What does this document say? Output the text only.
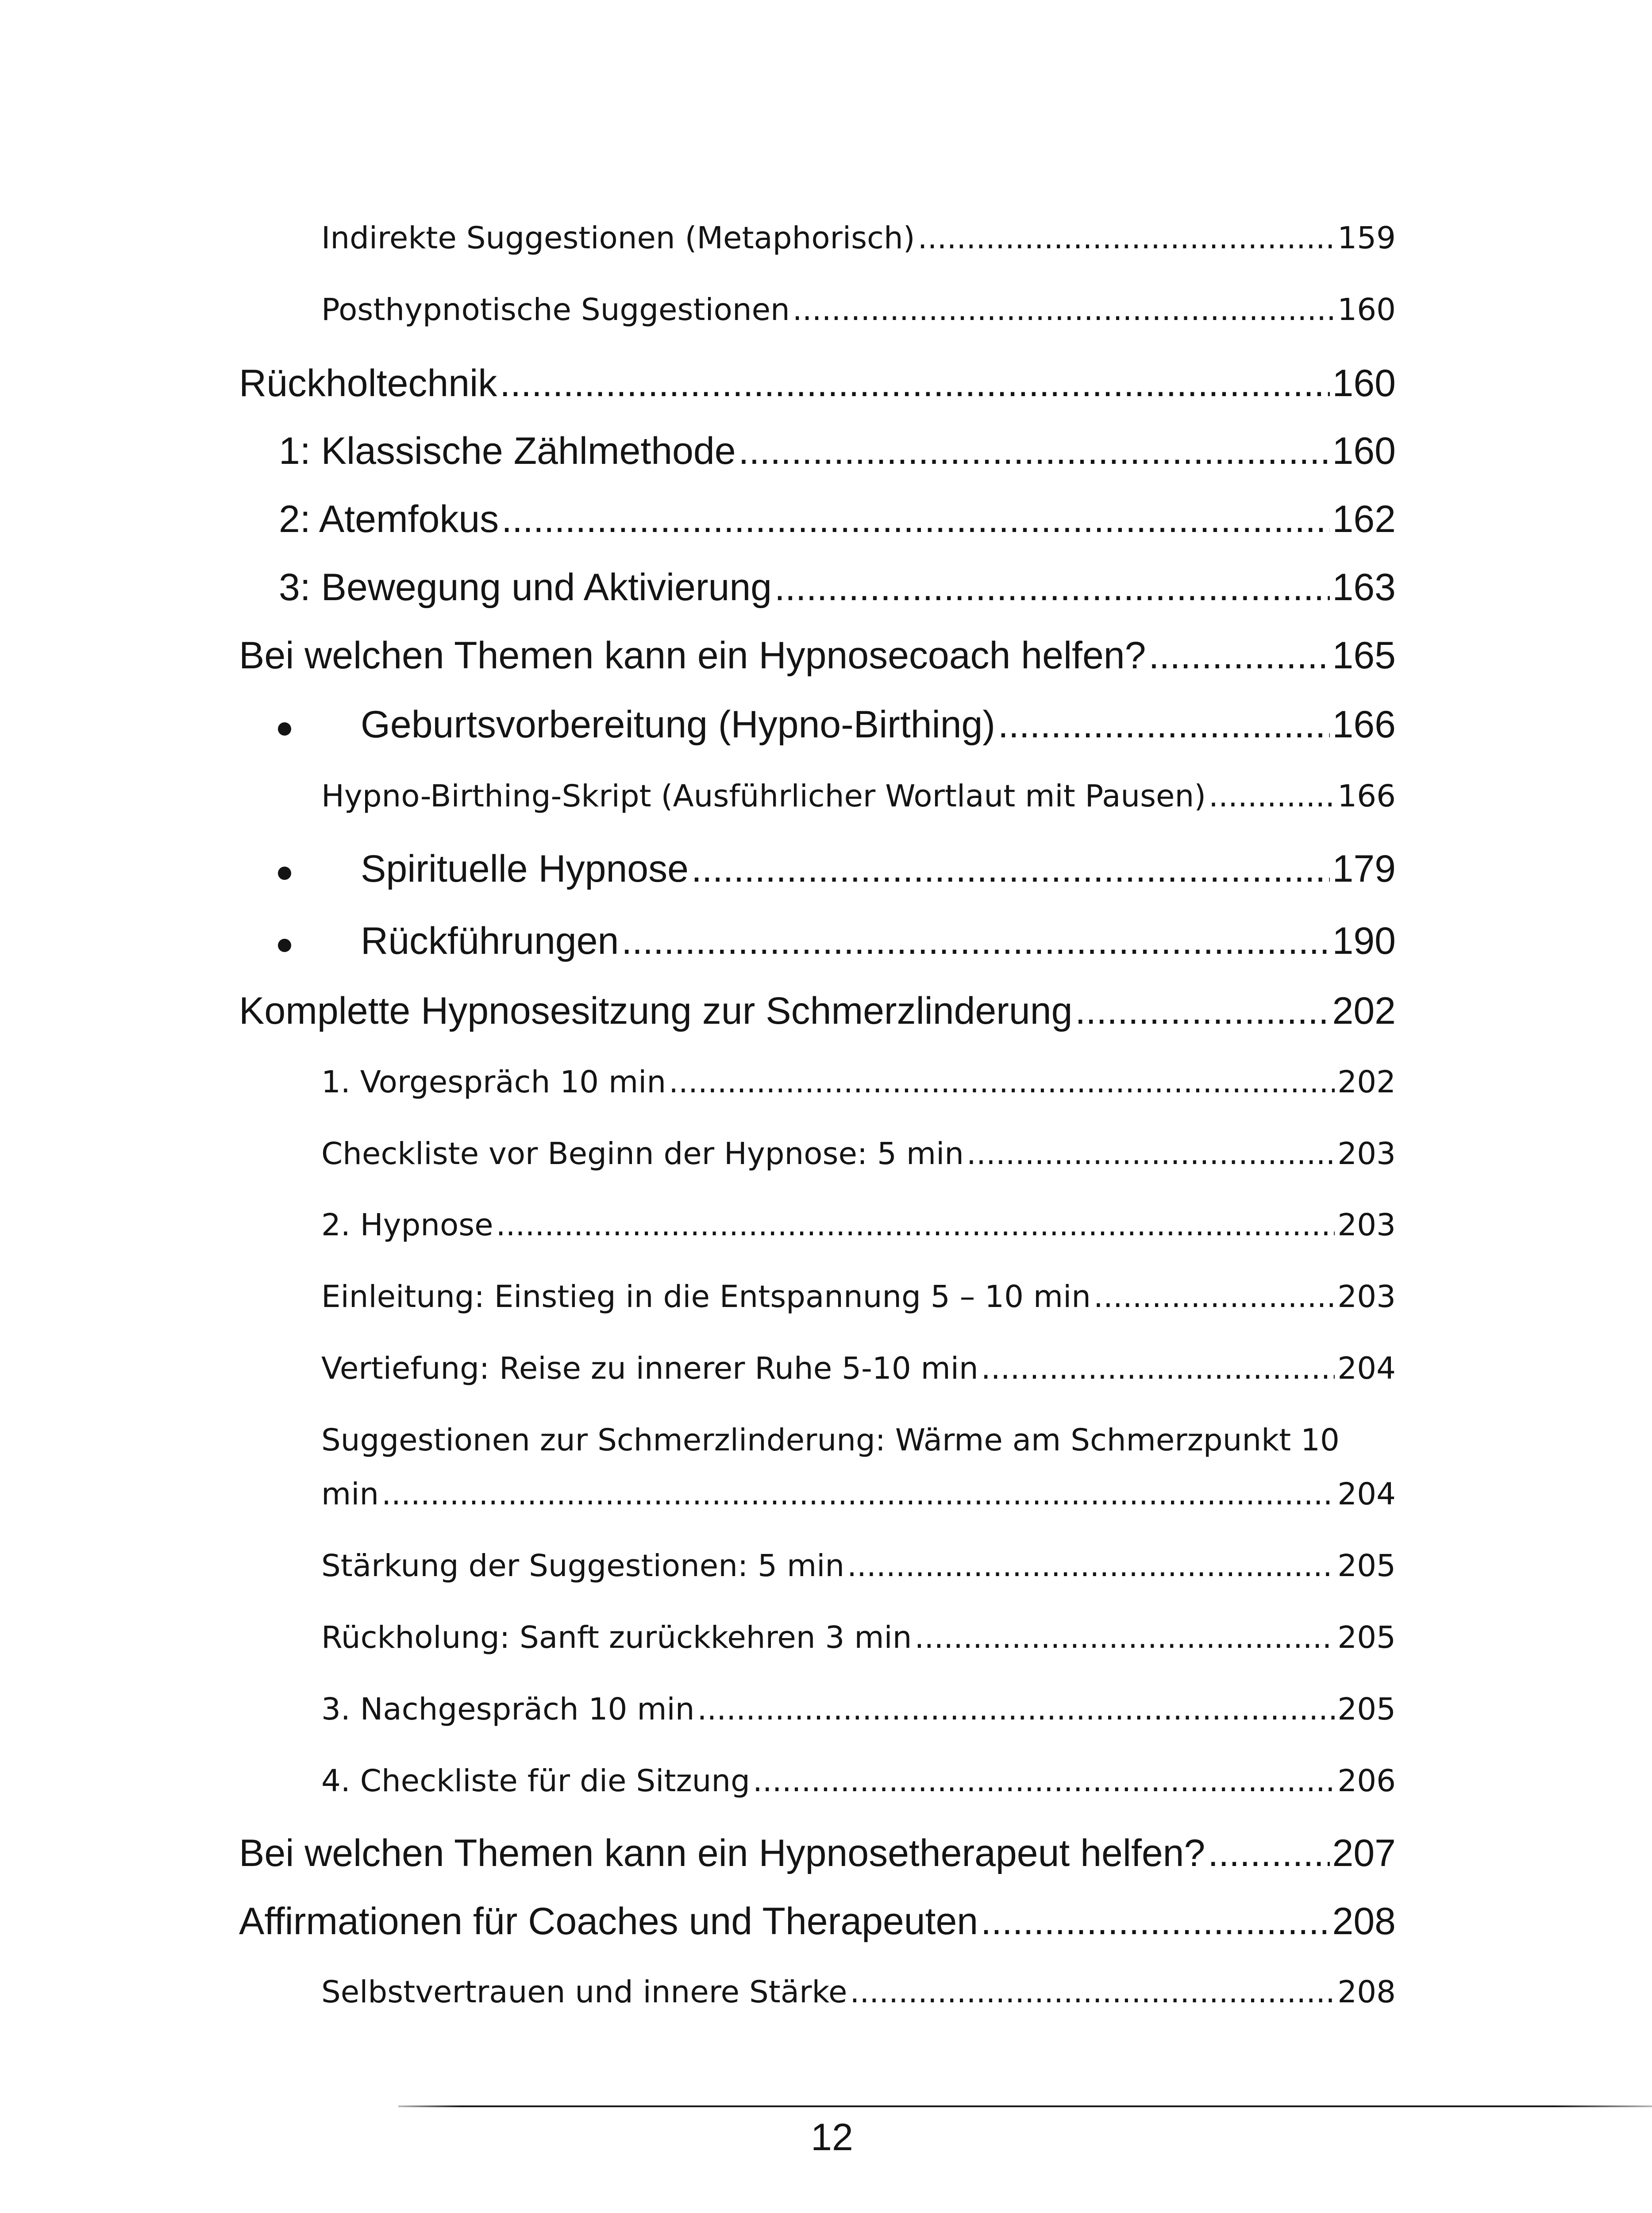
Indirekte Suggestionen (Metaphorisch) .....	159
Posthypnotische Suggestionen .....	160
Rückholtechnik .....	160
1: Klassische Zählmethode .....	160
2: Atemfokus .....	162
3: Bewegung und Aktivierung .....	163
Bei welchen Themen kann ein Hypnosecoach helfen? .....	165
Geburtsvorbereitung (Hypno-Birthing) .....	166
Hypno-Birthing-Skript (Ausführlicher Wortlaut mit Pausen) .....	166
Spirituelle Hypnose .....	179
Rückführungen .....	190
Komplette Hypnosesitzung zur Schmerzlinderung .....	202
1. Vorgespräch 10 min .....	202
Checkliste vor Beginn der Hypnose: 5 min .....	203
2. Hypnose .....	203
Einleitung: Einstieg in die Entspannung 5 – 10 min .....	203
Vertiefung: Reise zu innerer Ruhe 5-10 min .....	204
Suggestionen zur Schmerzlinderung: Wärme am Schmerzpunkt 10
min .....	204
Stärkung der Suggestionen: 5 min .....	205
Rückholung: Sanft zurückkehren 3 min .....	205
3. Nachgespräch 10 min .....	205
4. Checkliste für die Sitzung .....	206
Bei welchen Themen kann ein Hypnosetherapeut helfen? .....	207
Affirmationen für Coaches und Therapeuten .....	208
Selbstvertrauen und innere Stärke .....	208
12
